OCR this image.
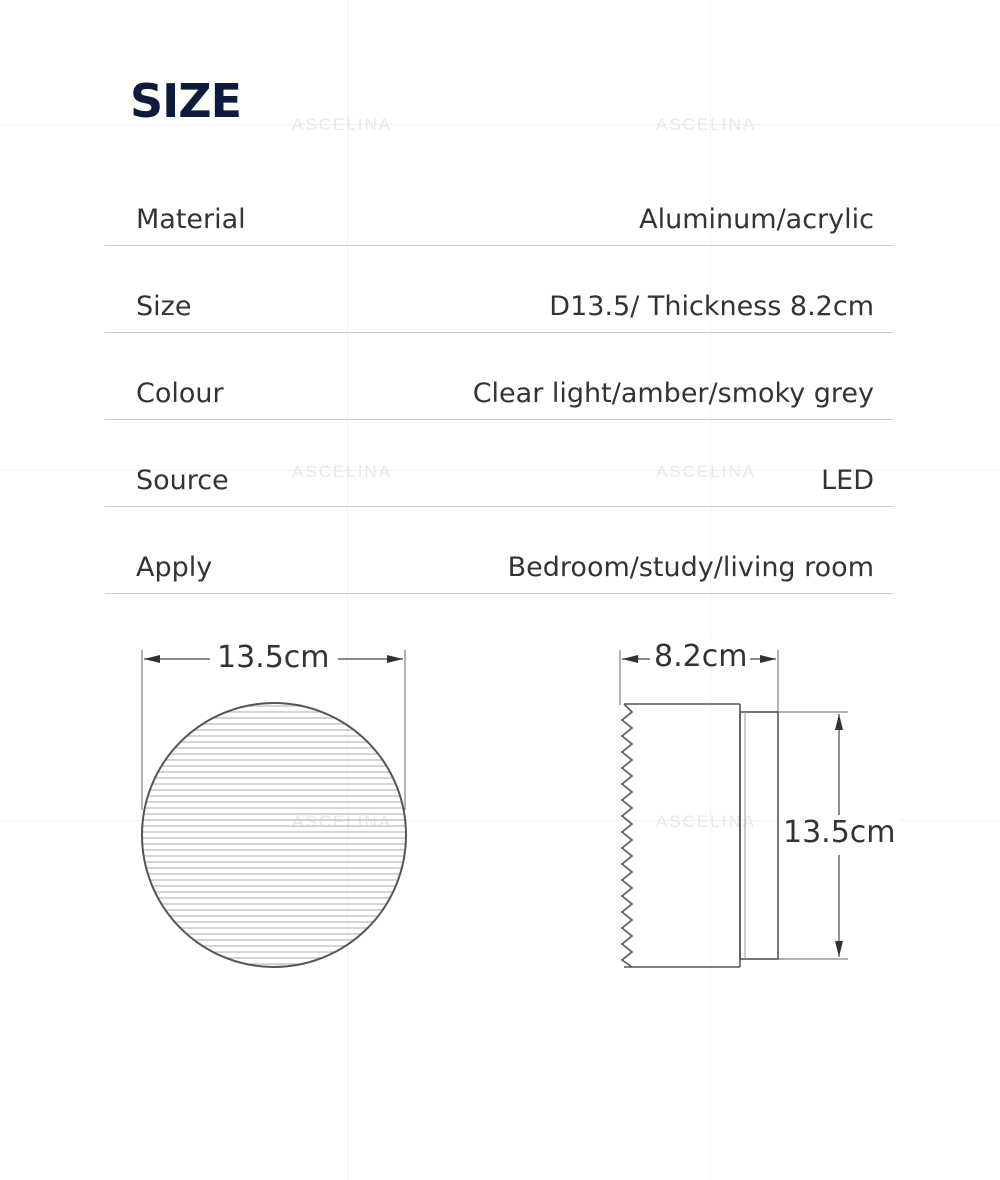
ASCELINA	ASCELINA
ASCELINA	ASCELINA
ASCELINA	ASCELINA
SIZE
Material	Aluminum/acrylic
Size	D13.5/ Thickness 8.2cm
Colour	Clear light/amber/smoky grey
Source	LED
Apply	Bedroom/study/living room
13.5cm	8.2cm
13.5cm
